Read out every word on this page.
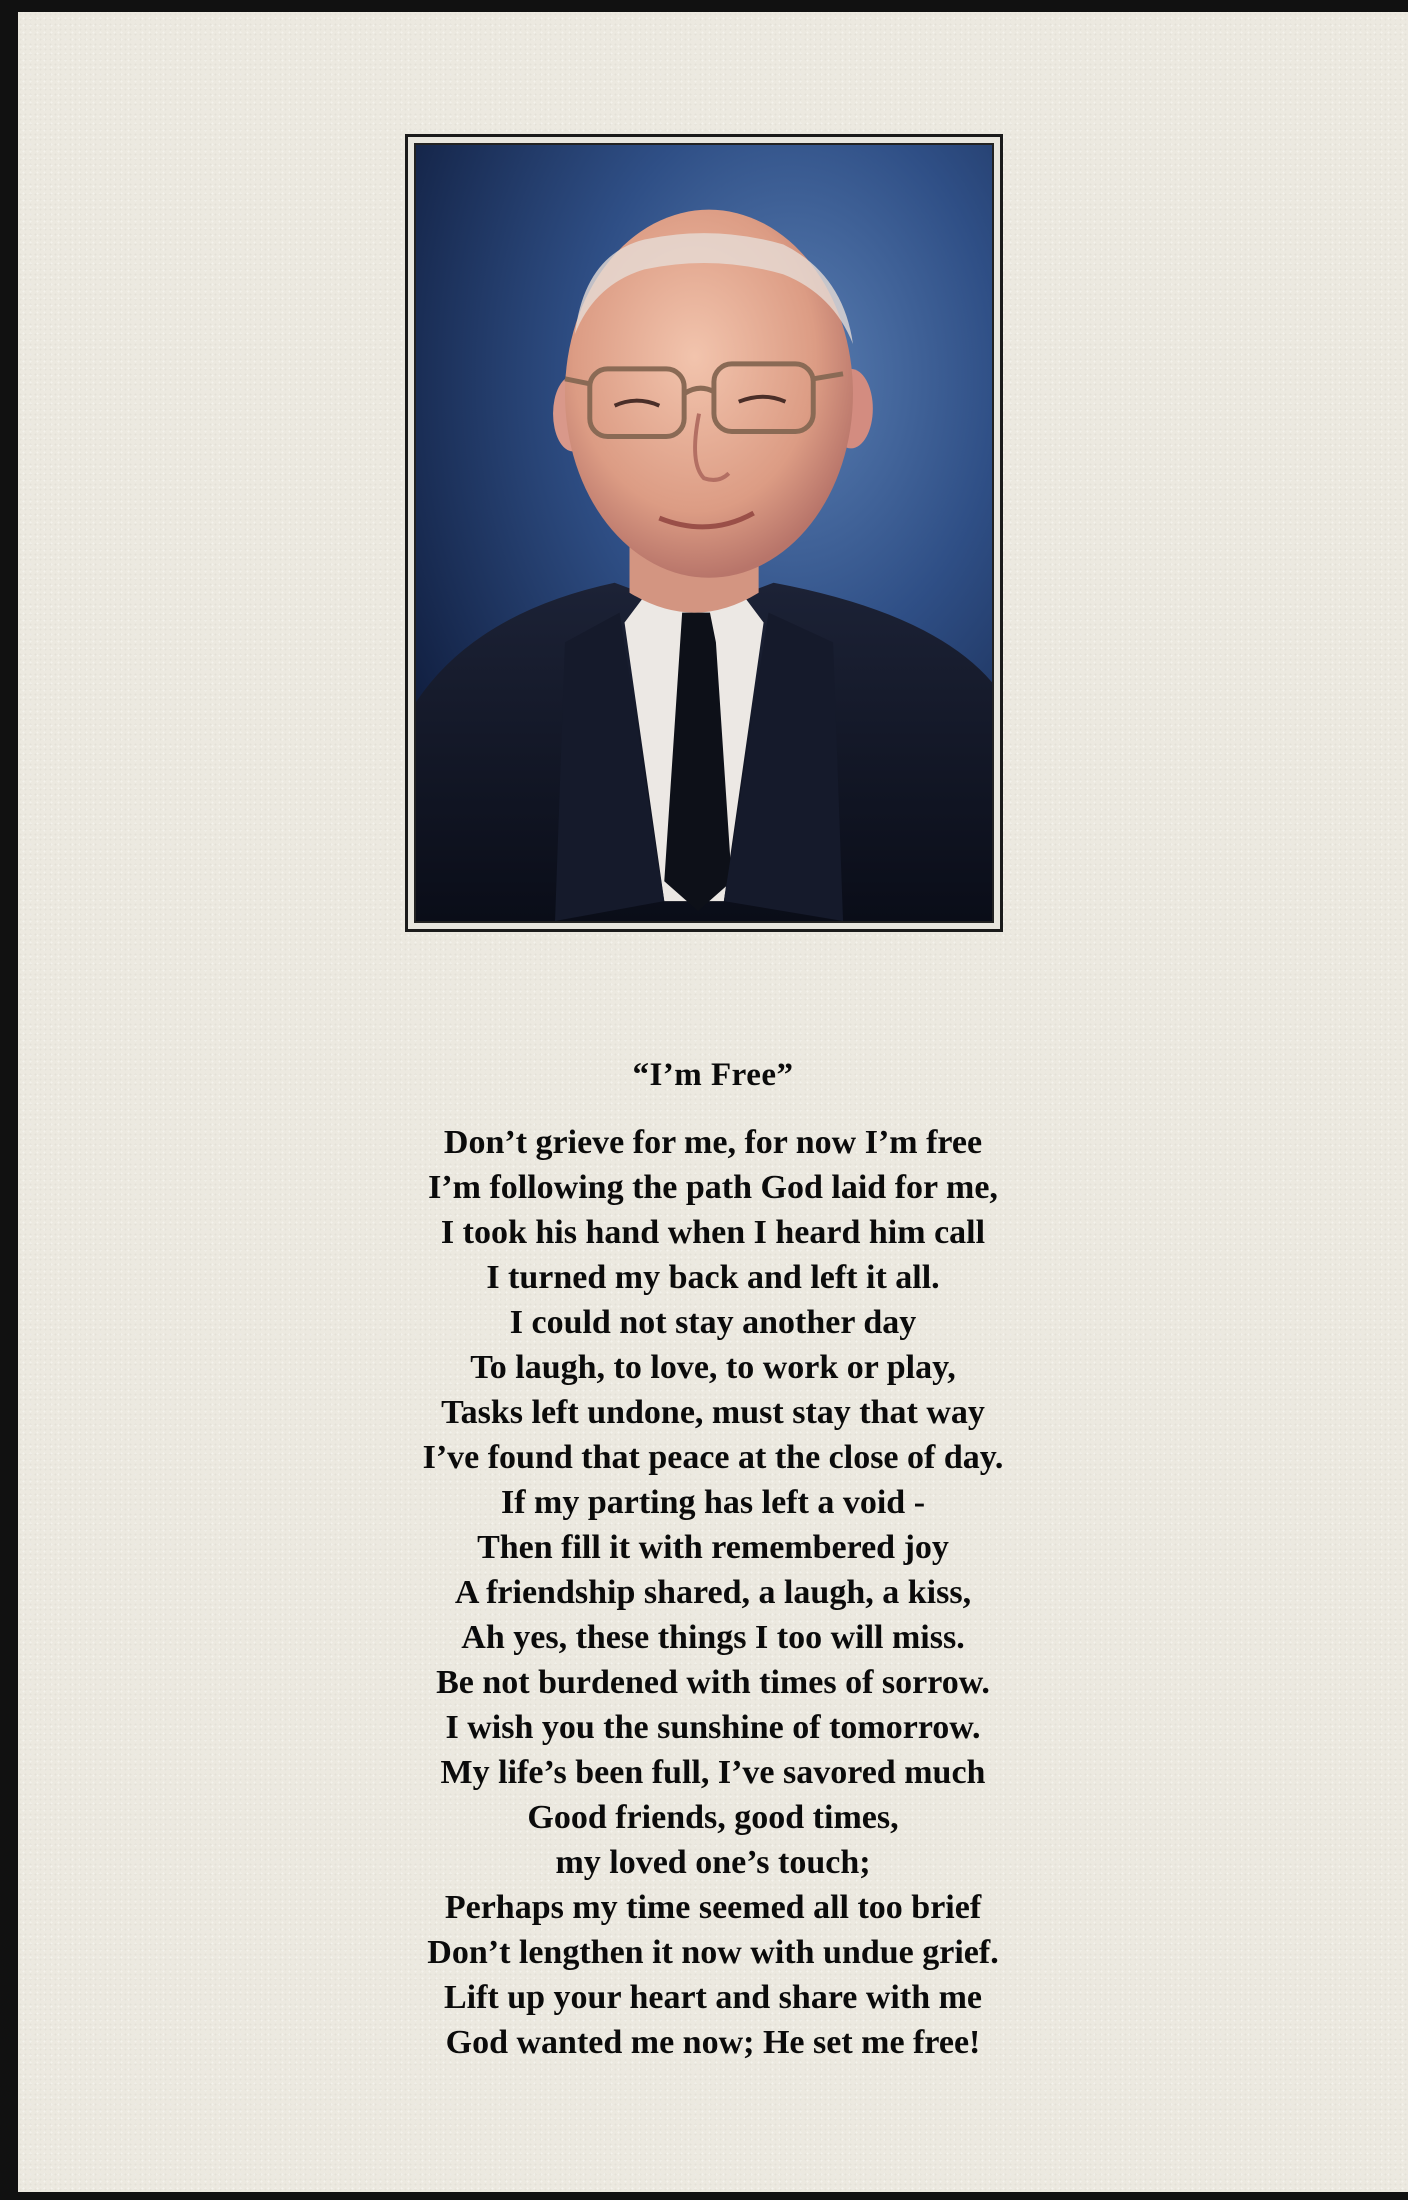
“I’m Free”
Don’t grieve for me, for now I’m free
I’m following the path God laid for me,
I took his hand when I heard him call
I turned my back and left it all.
I could not stay another day
To laugh, to love, to work or play,
Tasks left undone, must stay that way
I’ve found that peace at the close of day.
If my parting has left a void -
Then fill it with remembered joy
A friendship shared, a laugh, a kiss,
Ah yes, these things I too will miss.
Be not burdened with times of sorrow.
I wish you the sunshine of tomorrow.
My life’s been full, I’ve savored much
Good friends, good times,
my loved one’s touch;
Perhaps my time seemed all too brief
Don’t lengthen it now with undue grief.
Lift up your heart and share with me
God wanted me now; He set me free!
